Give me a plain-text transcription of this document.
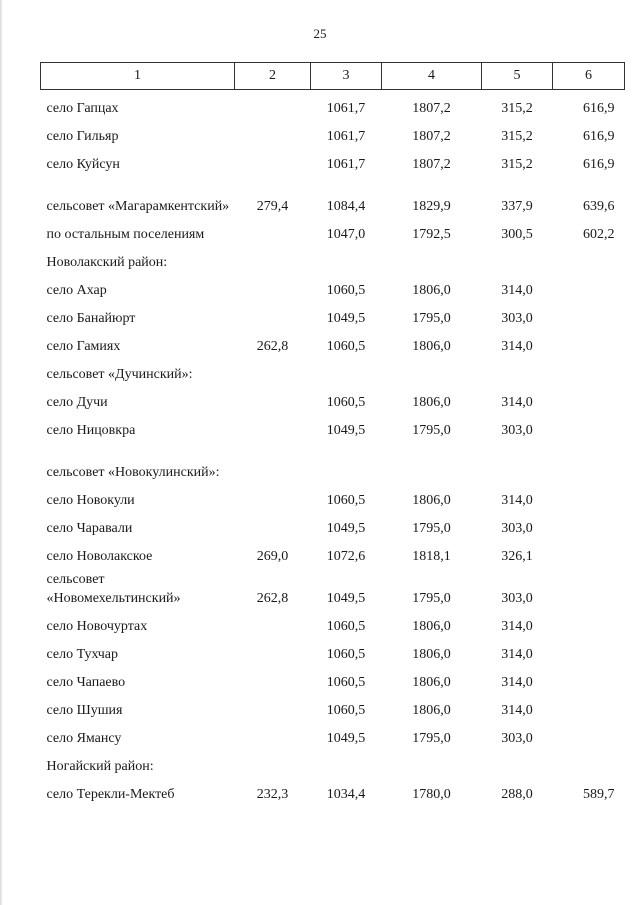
25
1	2	3	4	5	6
село Гапцах		1061,7	1807,2	315,2	616,9
село Гильяр		1061,7	1807,2	315,2	616,9
село Куйсун		1061,7	1807,2	315,2	616,9
сельсовет «Магарамкентский»	279,4	1084,4	1829,9	337,9	639,6
по остальным поселениям		1047,0	1792,5	300,5	602,2
Новолакский район:					
село Ахар		1060,5	1806,0	314,0	
село Банайюрт		1049,5	1795,0	303,0	
село Гамиях	262,8	1060,5	1806,0	314,0	
сельсовет «Дучинский»:					
село Дучи		1060,5	1806,0	314,0	
село Ницовкра		1049,5	1795,0	303,0	
сельсовет «Новокулинский»:					
село Новокули		1060,5	1806,0	314,0	
село Чаравали		1049,5	1795,0	303,0	
село Новолакское	269,0	1072,6	1818,1	326,1	
сельсовет «Новомехельтинский»	262,8	1049,5	1795,0	303,0	
село Новочуртах		1060,5	1806,0	314,0	
село Тухчар		1060,5	1806,0	314,0	
село Чапаево		1060,5	1806,0	314,0	
село Шушия		1060,5	1806,0	314,0	
село Ямансу		1049,5	1795,0	303,0	
Ногайский район:					
село Терекли-Мектеб	232,3	1034,4	1780,0	288,0	589,7
